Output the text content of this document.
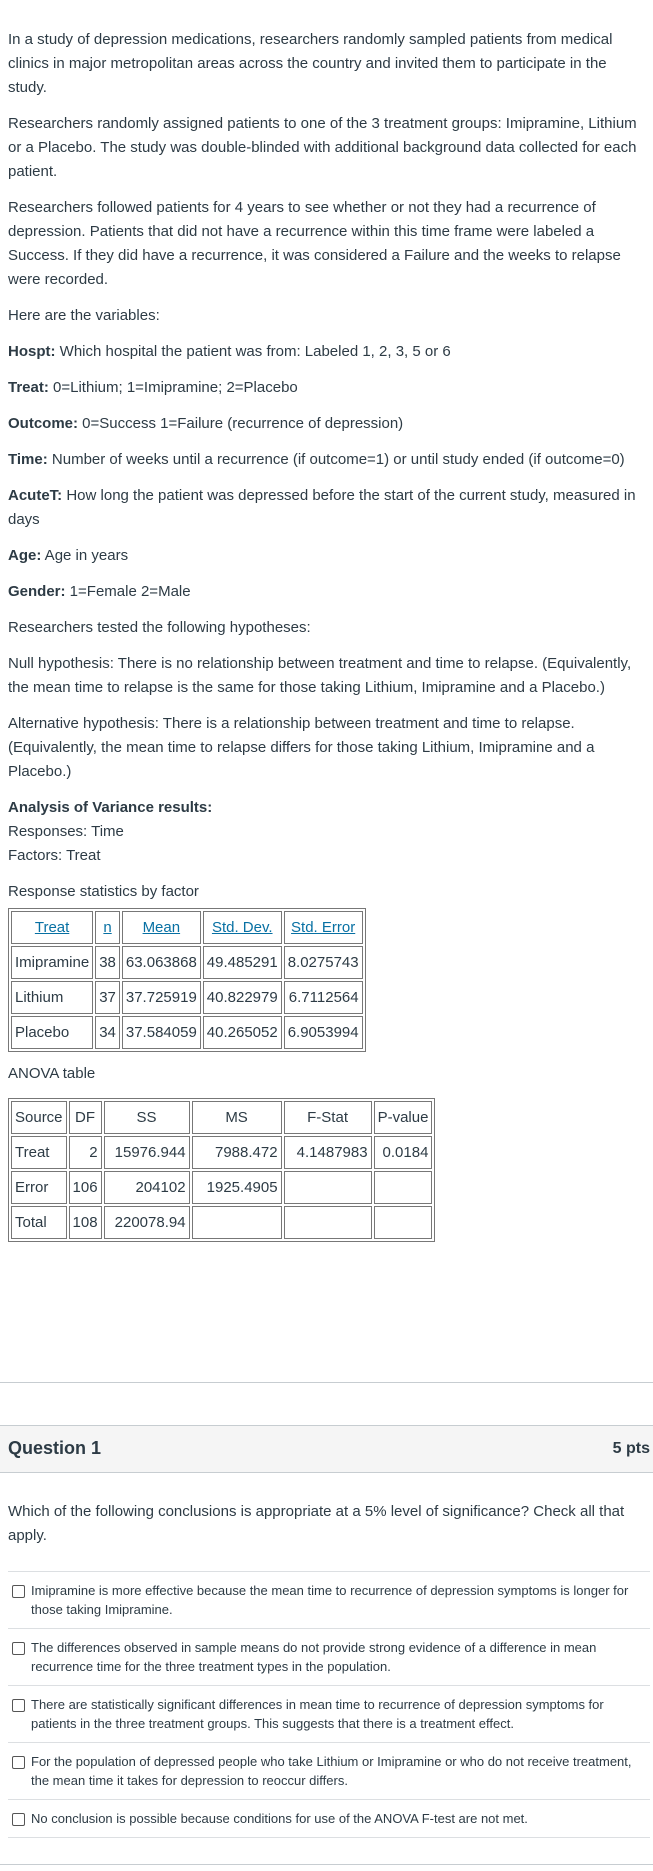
In a study of depression medications, researchers randomly sampled patients from medical clinics in major metropolitan areas across the country and invited them to participate in the study.

Researchers randomly assigned patients to one of the 3 treatment groups: Imipramine, Lithium or a Placebo. The study was double-blinded with additional background data collected for each patient.

Researchers followed patients for 4 years to see whether or not they had a recurrence of depression. Patients that did not have a recurrence within this time frame were labeled a Success. If they did have a recurrence, it was considered a Failure and the weeks to relapse were recorded.

Here are the variables:

Hospt: Which hospital the patient was from: Labeled 1, 2, 3, 5 or 6

Treat: 0=Lithium; 1=Imipramine; 2=Placebo

Outcome: 0=Success 1=Failure (recurrence of depression)

Time: Number of weeks until a recurrence (if outcome=1) or until study ended (if outcome=0)

AcuteT: How long the patient was depressed before the start of the current study, measured in days

Age: Age in years

Gender: 1=Female 2=Male

Researchers tested the following hypotheses:

Null hypothesis: There is no relationship between treatment and time to relapse. (Equivalently, the mean time to relapse is the same for those taking Lithium, Imipramine and a Placebo.)

Alternative hypothesis: There is a relationship between treatment and time to relapse. (Equivalently, the mean time to relapse differs for those taking Lithium, Imipramine and a Placebo.)

Analysis of Variance results:

Responses: Time

Factors: Treat

Response statistics by factor

Treat	n	Mean	Std. Dev.	Std. Error
Imipramine	38	63.063868	49.485291	8.0275743
Lithium	37	37.725919	40.822979	6.7112564
Placebo	34	37.584059	40.265052	6.9053994

ANOVA table

Source	DF	SS	MS	F-Stat	P-value
Treat	2	15976.944	7988.472	4.1487983	0.0184
Error	106	204102	1925.4905		
Total	108	220078.94			
Question 1	5 pts
Which of the following conclusions is appropriate at a 5% level of significance? Check all that apply.
Imipramine is more effective because the mean time to recurrence of depression symptoms is longer for those taking Imipramine.
The differences observed in sample means do not provide strong evidence of a difference in mean recurrence time for the three treatment types in the population.
There are statistically significant differences in mean time to recurrence of depression symptoms for patients in the three treatment groups. This suggests that there is a treatment effect.
For the population of depressed people who take Lithium or Imipramine or who do not receive treatment, the mean time it takes for depression to reoccur differs.
No conclusion is possible because conditions for use of the ANOVA F-test are not met.
